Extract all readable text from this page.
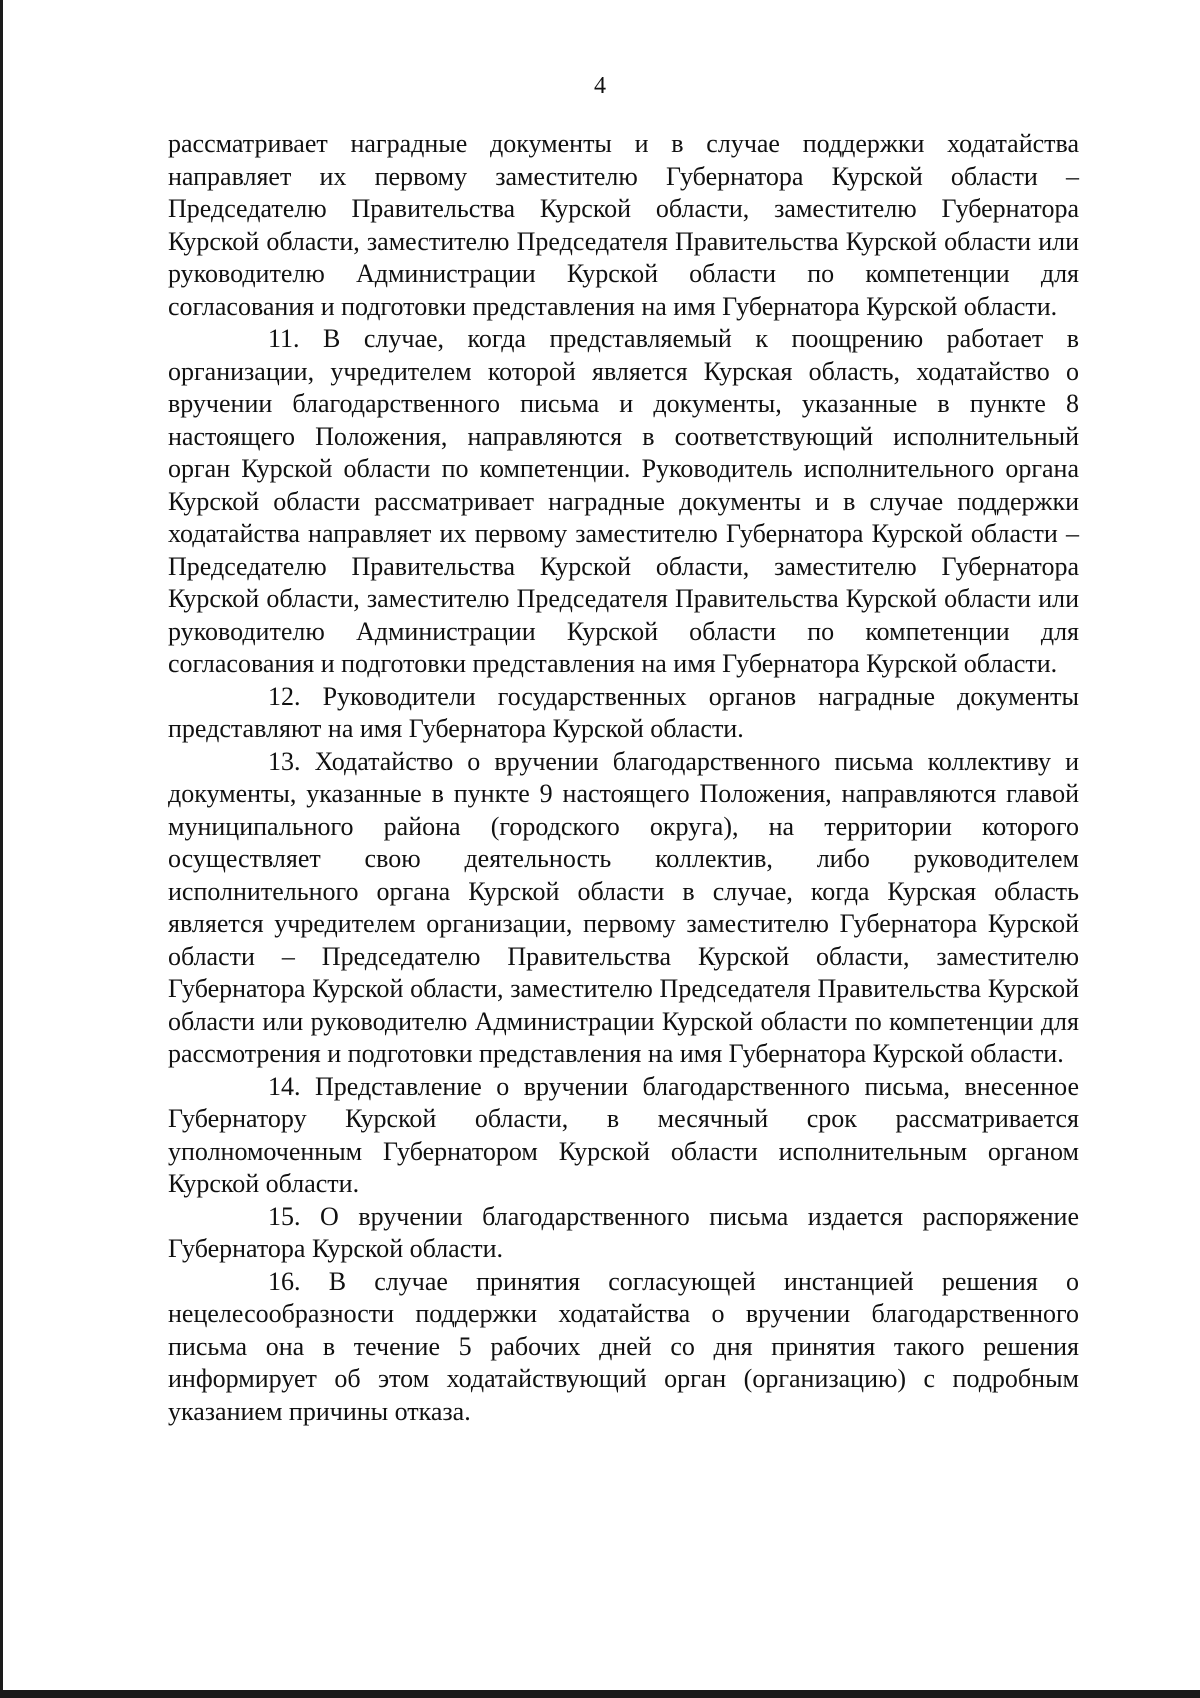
4

рассматривает наградные документы и в случае поддержки ходатайства направляет их первому заместителю Губернатора Курской области – Председателю Правительства Курской области, заместителю Губернатора Курской области, заместителю Председателя Правительства Курской области или руководителю Администрации Курской области по компетенции для согласования и подготовки представления на имя Губернатора Курской области.

11. В случае, когда представляемый к поощрению работает в организации, учредителем которой является Курская область, ходатайство о вручении благодарственного письма и документы, указанные в пункте 8 настоящего Положения, направляются в соответствующий исполнительный орган Курской области по компетенции. Руководитель исполнительного органа Курской области рассматривает наградные документы и в случае поддержки ходатайства направляет их первому заместителю Губернатора Курской области – Председателю Правительства Курской области, заместителю Губернатора Курской области, заместителю Председателя Правительства Курской области или руководителю Администрации Курской области по компетенции для согласования и подготовки представления на имя Губернатора Курской области.

12. Руководители государственных органов наградные документы представляют на имя Губернатора Курской области.

13. Ходатайство о вручении благодарственного письма коллективу и документы, указанные в пункте 9 настоящего Положения, направляются главой муниципального района (городского округа), на территории которого осуществляет свою деятельность коллектив, либо руководителем исполнительного органа Курской области в случае, когда Курская область является учредителем организации, первому заместителю Губернатора Курской области – Председателю Правительства Курской области, заместителю Губернатора Курской области, заместителю Председателя Правительства Курской области или руководителю Администрации Курской области по компетенции для рассмотрения и подготовки представления на имя Губернатора Курской области.

14. Представление о вручении благодарственного письма, внесенное Губернатору Курской области, в месячный срок рассматривается уполномоченным Губернатором Курской области исполнительным органом Курской области.

15. О вручении благодарственного письма издается распоряжение Губернатора Курской области.

16. В случае принятия согласующей инстанцией решения о нецелесообразности поддержки ходатайства о вручении благодарственного письма она в течение 5 рабочих дней со дня принятия такого решения информирует об этом ходатайствующий орган (организацию) с подробным указанием причины отказа.
